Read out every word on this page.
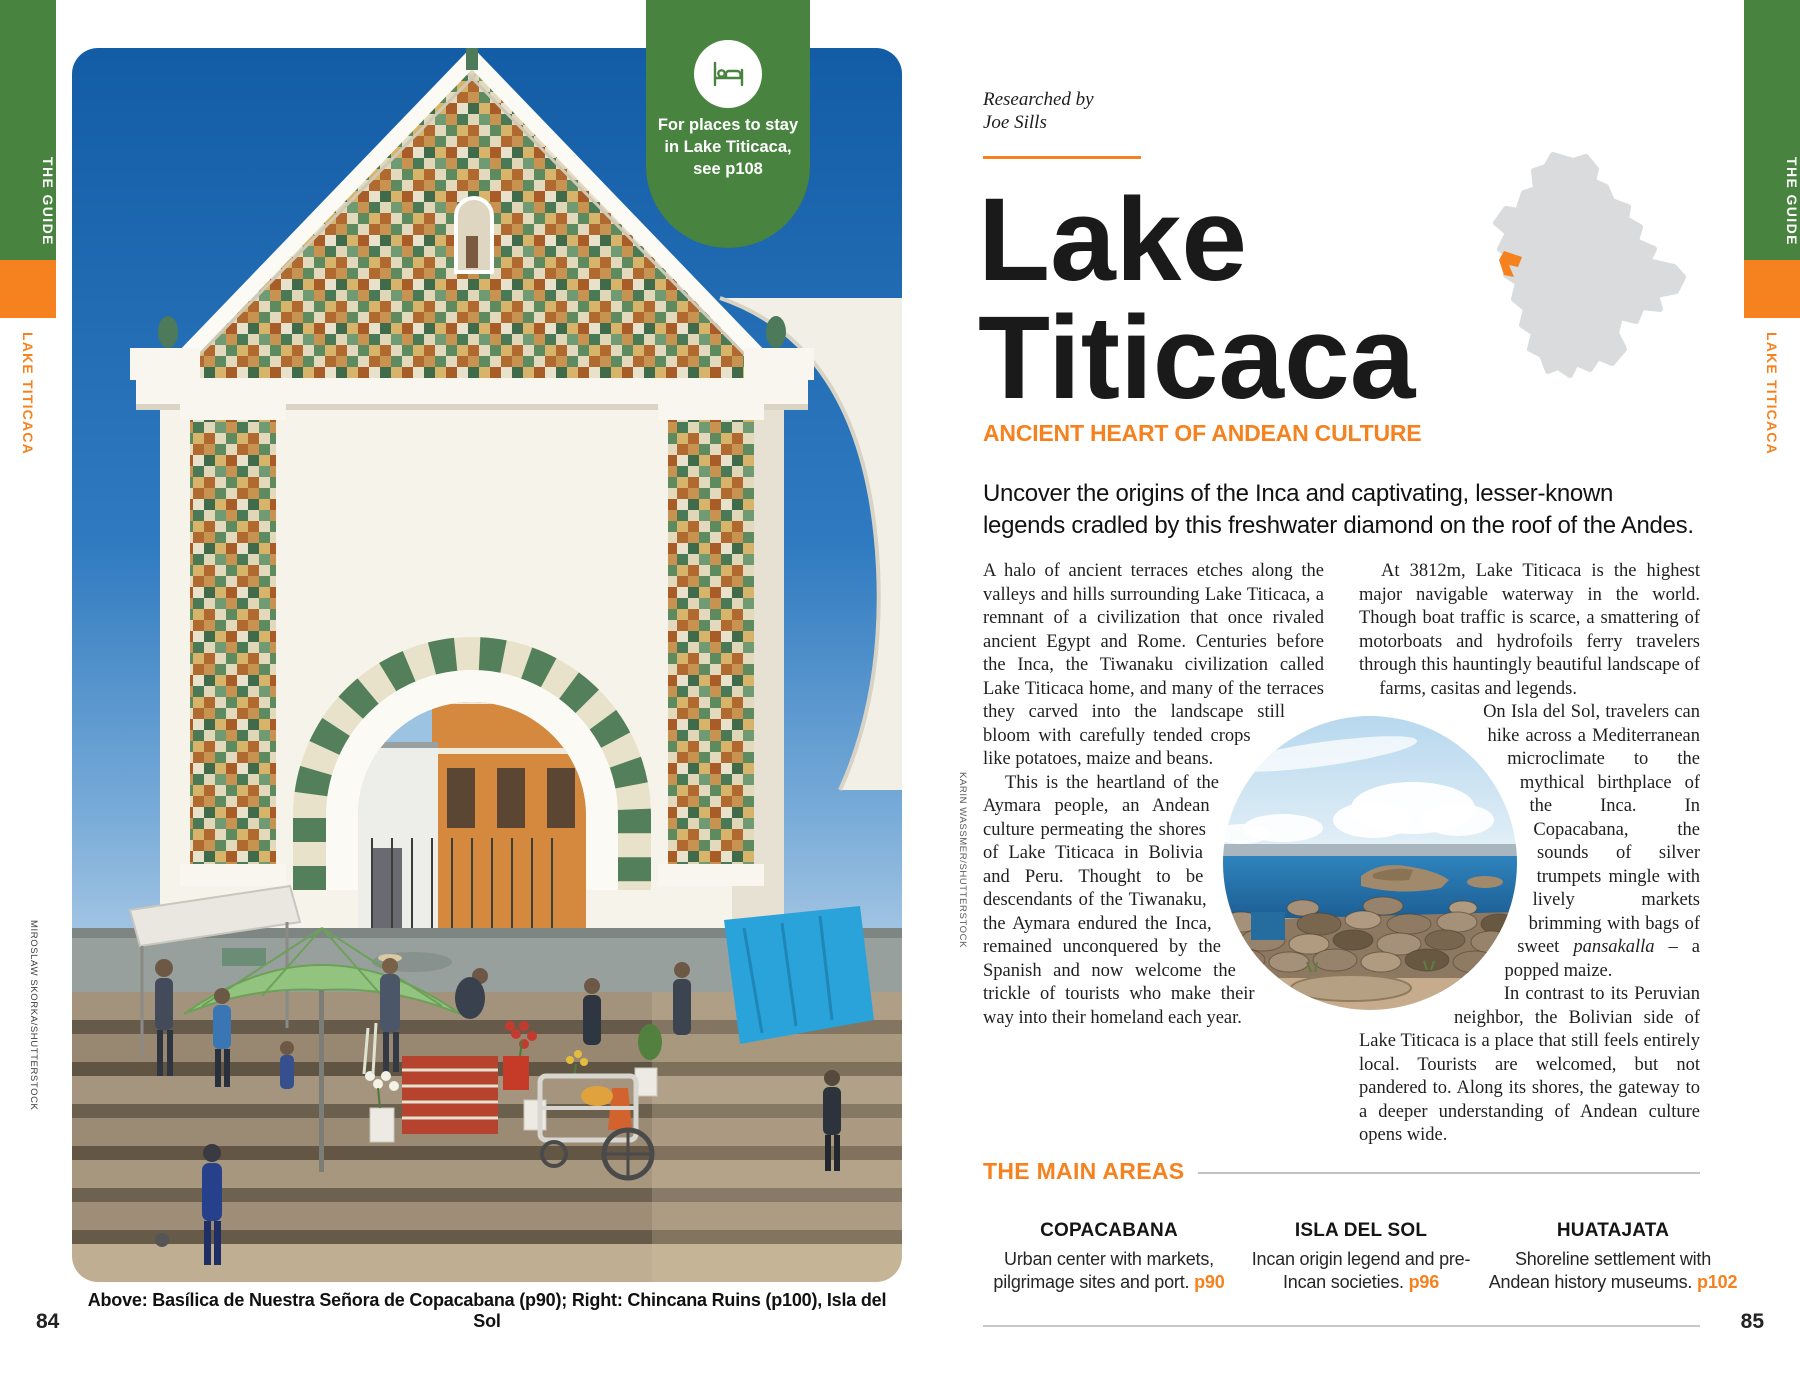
THE GUIDE
LAKE TITICACA
THE GUIDE
LAKE TITICACA
For places to stay
in Lake Titicaca,
see p108
MIROSLAW SKORKA/SHUTTERSTOCK
Above: Basílica de Nuestra Señora de Copacabana (p90); Right: Chincana Ruins (p100), Isla del Sol
84	85
Researched by
Joe Sills
Lake
Titicaca
ANCIENT HEART OF ANDEAN CULTURE
Uncover the origins of the Inca and captivating, lesser-known
legends cradled by this freshwater diamond on the roof of the Andes.

A halo of ancient terraces etches along the valleys and hills surrounding Lake Titicaca, a remnant of a civilization that once rivaled ancient Egypt and Rome. Centuries before the Inca, the Tiwanaku civilization called Lake Titicaca home, and many of the terraces they carved into the landscape still bloom with carefully tended crops like potatoes, maize and beans.

This is the heartland of the Aymara people, an Andean culture permeating the shores of Lake Titicaca in Bolivia and Peru. Thought to be descendants of the Tiwanaku, the Aymara endured the Inca, remained unconquered by the Spanish and now welcome the trickle of tourists who make their way into their homeland each year.

At 3812m, Lake Titicaca is the highest major navigable waterway in the world. Though boat traffic is scarce, a smattering of motorboats and hydrofoils ferry travelers through this hauntingly beautiful landscape of farms, casitas and legends.

On Isla del Sol, travelers can hike across a Mediterranean microclimate to the mythical birthplace of the Inca. In Copacabana, the sounds of silver trumpets mingle with lively markets brimming with bags of sweet pansakalla – a popped maize.

In contrast to its Peruvian neighbor, the Bolivian side of Lake Titicaca is a place that still feels entirely local. Tourists are welcomed, but not pandered to. Along its shores, the gateway to a deeper understanding of Andean culture opens wide.

KARIN WASSMER/SHUTTERSTOCK
THE MAIN AREAS
COPACABANA

Urban center with markets, pilgrimage sites and port. p90

ISLA DEL SOL

Incan origin legend and pre-Incan societies. p96

HUATAJATA

Shoreline settlement with Andean history museums. p102
